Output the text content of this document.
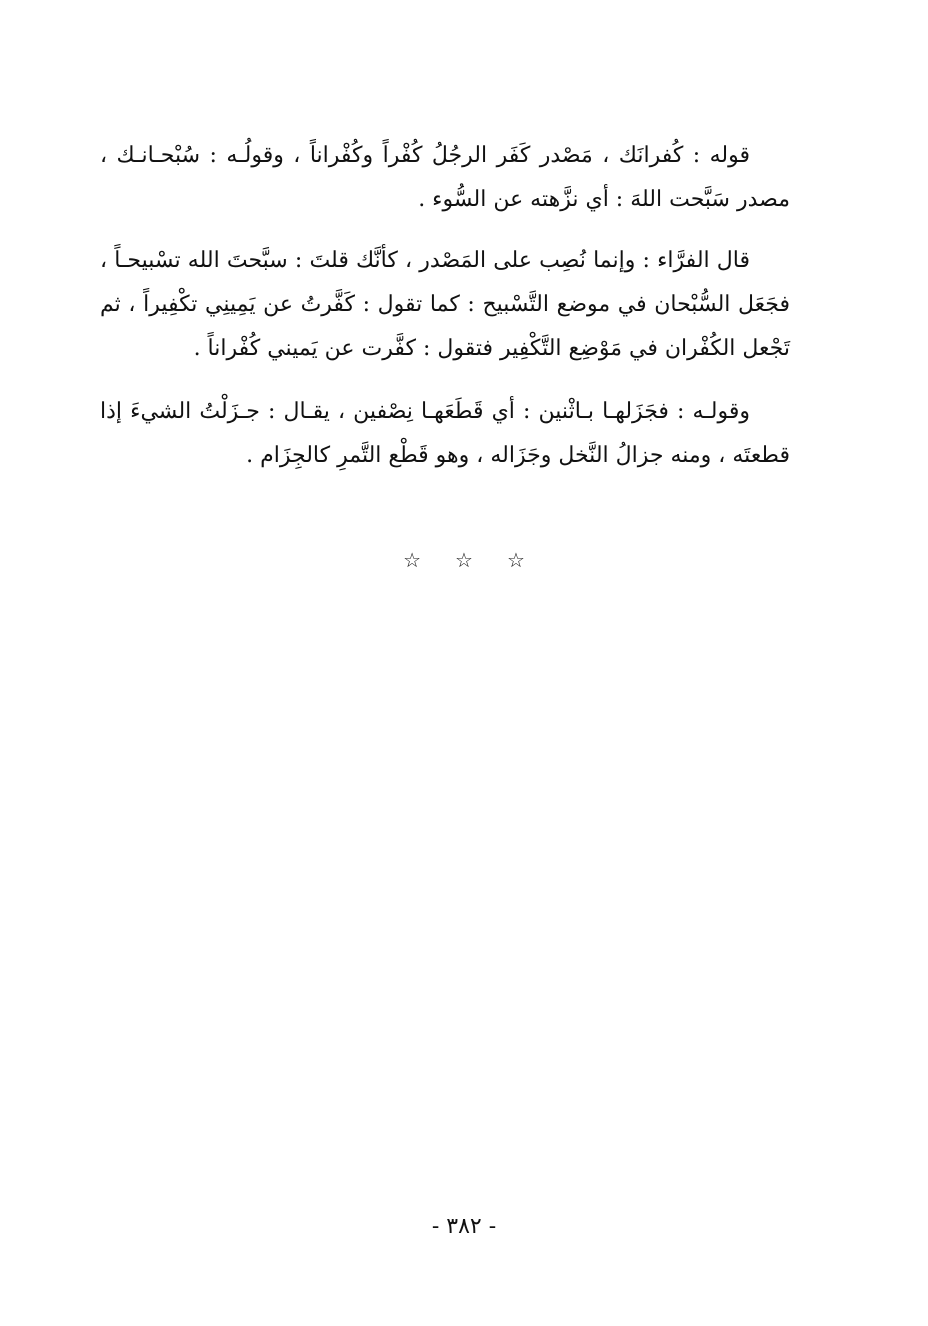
قوله : كُفرانَك ، مَصْدر كَفَر الرجُلُ كُفْراً وكُفْراناً ، وقولُـه : سُبْحـانـك ، مصدر سَبَّحت اللهَ : أي نزَّهته عن السُّوء .

قال الفرَّاء : وإنما نُصِب على المَصْدر ، كأنَّك قلتَ : سبَّحتَ الله تسْبيحـاً ، فجَعَل السُّبْحان في موضع التَّسْبيح : كما تقول : كَفَّرتُ عن يَمِينِي تكْفِيراً ، ثم تَجْعل الكُفْران في مَوْضِع التَّكْفِير فتقول : كفَّرت عن يَميني كُفْراناً .

وقولـه : فجَزَلهـا بـاثْنين : أي قَطَعَهـا نِصْفين ، يقـال : جـزَلْتُ الشيءَ إذا قطعتَه ، ومنه جزالُ النَّخل وجَزَاله ، وهو قَطْع التَّمرِ كالجِزَام .

☆☆☆
- ٣٨٢ -
